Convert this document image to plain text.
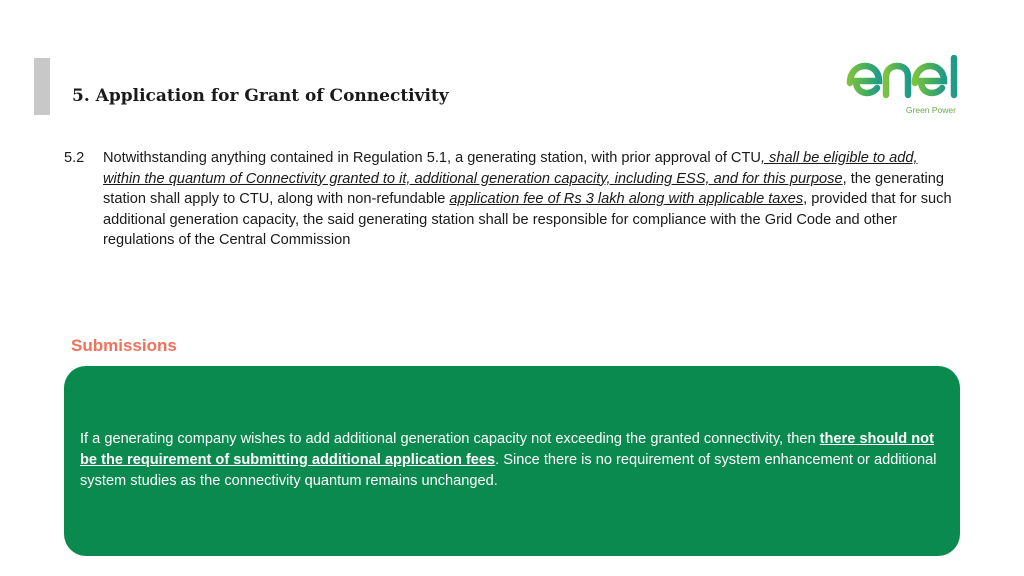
5. Application for Grant of Connectivity
Green Power
5.2	Notwithstanding anything contained in Regulation 5.1, a generating station, with prior approval of CTU, shall be eligible to add, within the quantum of Connectivity granted to it, additional generation capacity, including ESS, and for this purpose, the generating station shall apply to CTU, along with non-refundable application fee of Rs 3 lakh along with applicable taxes, provided that for such additional generation capacity, the said generating station shall be responsible for compliance with the Grid Code and other regulations of the Central Commission
Submissions
If a generating company wishes to add additional generation capacity not exceeding the granted connectivity, then there should not be the requirement of submitting additional application fees. Since there is no requirement of system enhancement or additional system studies as the connectivity quantum remains unchanged.
